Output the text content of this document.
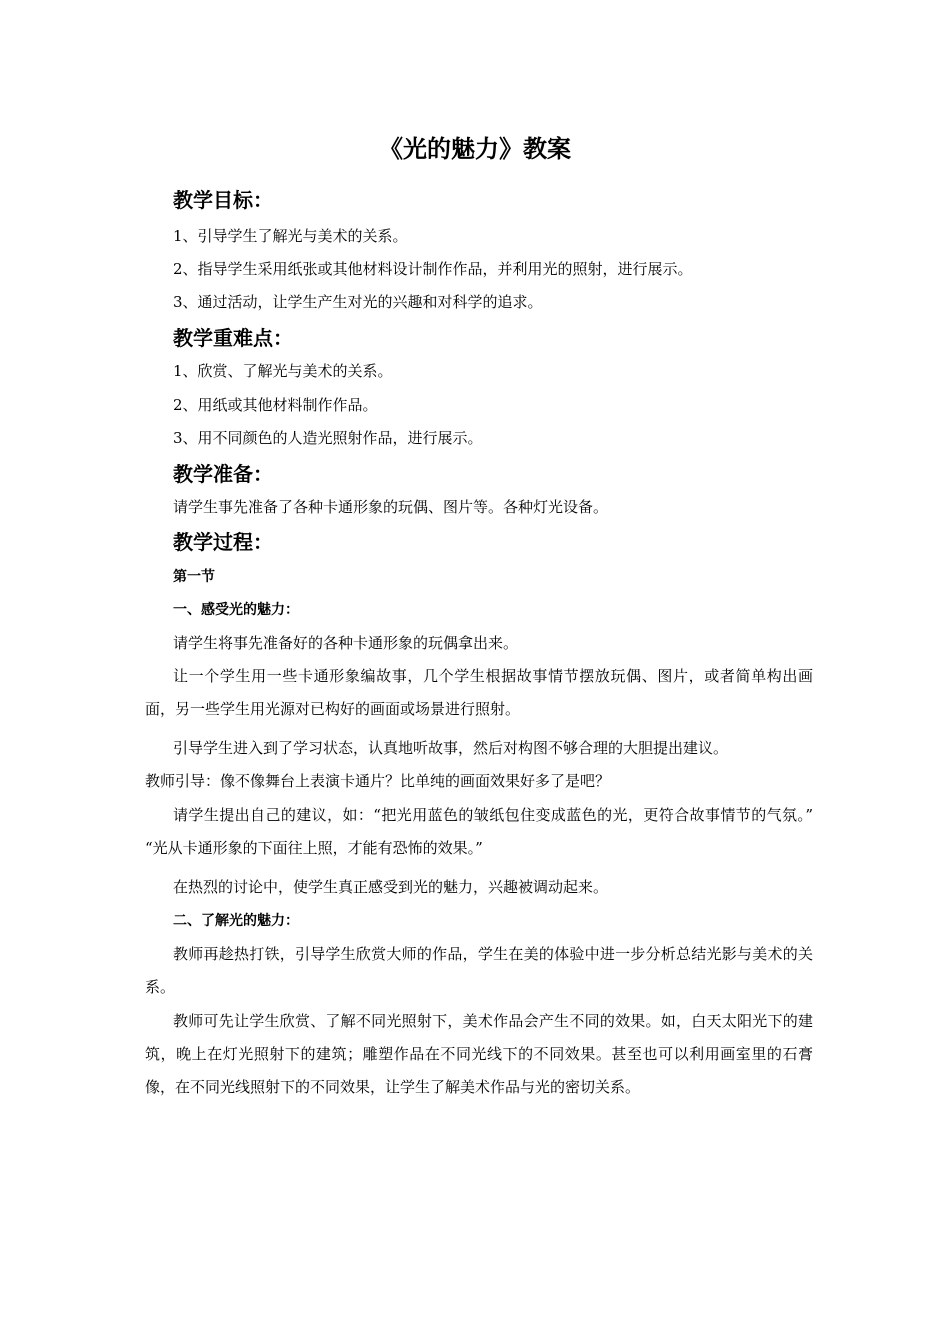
《光的魅力》教案
教学目标：
1、引导学生了解光与美术的关系。
2、指导学生采用纸张或其他材料设计制作作品，并利用光的照射，进行展示。
3、通过活动，让学生产生对光的兴趣和对科学的追求。
教学重难点：
1、欣赏、了解光与美术的关系。
2、用纸或其他材料制作作品。
3、用不同颜色的人造光照射作品，进行展示。
教学准备：
请学生事先准备了各种卡通形象的玩偶、图片等。各种灯光设备。
教学过程：
第一节
一、感受光的魅力：
请学生将事先准备好的各种卡通形象的玩偶拿出来。
让一个学生用一些卡通形象编故事，几个学生根据故事情节摆放玩偶、图片，或者简单构出画面，另一些学生用光源对已构好的画面或场景进行照射。
引导学生进入到了学习状态，认真地听故事，然后对构图不够合理的大胆提出建议。
教师引导：像不像舞台上表演卡通片？比单纯的画面效果好多了是吧？
请学生提出自己的建议，如：“把光用蓝色的皱纸包住变成蓝色的光，更符合故事情节的气氛。” “光从卡通形象的下面往上照，才能有恐怖的效果。”
在热烈的讨论中，使学生真正感受到光的魅力，兴趣被调动起来。
二、了解光的魅力：
教师再趁热打铁，引导学生欣赏大师的作品，学生在美的体验中进一步分析总结光影与美术的关系。
教师可先让学生欣赏、了解不同光照射下，美术作品会产生不同的效果。如，白天太阳光下的建筑，晚上在灯光照射下的建筑；雕塑作品在不同光线下的不同效果。甚至也可以利用画室里的石膏像，在不同光线照射下的不同效果，让学生了解美术作品与光的密切关系。
